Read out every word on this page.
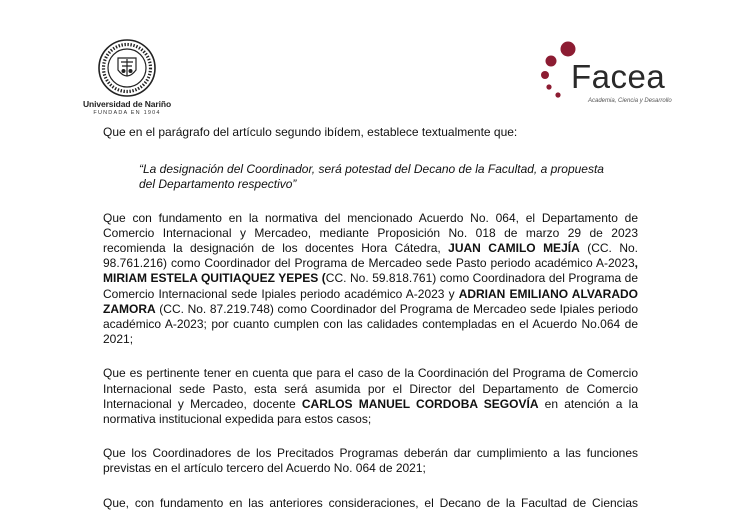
Universidad de Nariño
FUNDADA EN 1904
Facea
Academia, Ciencia y Desarrollo

Que en el parágrafo del artículo segundo ibídem, establece textualmente que:

“La designación del Coordinador, será potestad del Decano de la Facultad, a propuesta

del Departamento respectivo”

Que con fundamento en la normativa del mencionado Acuerdo No. 064, el Departamento de Comercio Internacional y Mercadeo, mediante Proposición No. 018 de marzo 29 de 2023 recomienda la designación de los docentes Hora Cátedra, JUAN CAMILO MEJÍA (CC. No. 98.761.216) como Coordinador del Programa de Mercadeo sede Pasto periodo académico A-2023, MIRIAM ESTELA QUITIAQUEZ YEPES (CC. No. 59.818.761) como Coordinadora del Programa de Comercio Internacional sede Ipiales periodo académico A-2023 y ADRIAN EMILIANO ALVARADO ZAMORA (CC. No. 87.219.748) como Coordinador del Programa de Mercadeo sede Ipiales periodo académico A-2023; por cuanto cumplen con las calidades contempladas en el Acuerdo No.064 de 2021;

Que es pertinente tener en cuenta que para el caso de la Coordinación del Programa de Comercio Internacional sede Pasto, esta será asumida por el Director del Departamento de Comercio Internacional y Mercadeo, docente CARLOS MANUEL CORDOBA SEGOVÍA en atención a la normativa institucional expedida para estos casos;

Que los Coordinadores de los Precitados Programas deberán dar cumplimiento a las funciones previstas en el artículo tercero del Acuerdo No. 064 de 2021;

Que, con fundamento en las anteriores consideraciones, el Decano de la Facultad de Ciencias
